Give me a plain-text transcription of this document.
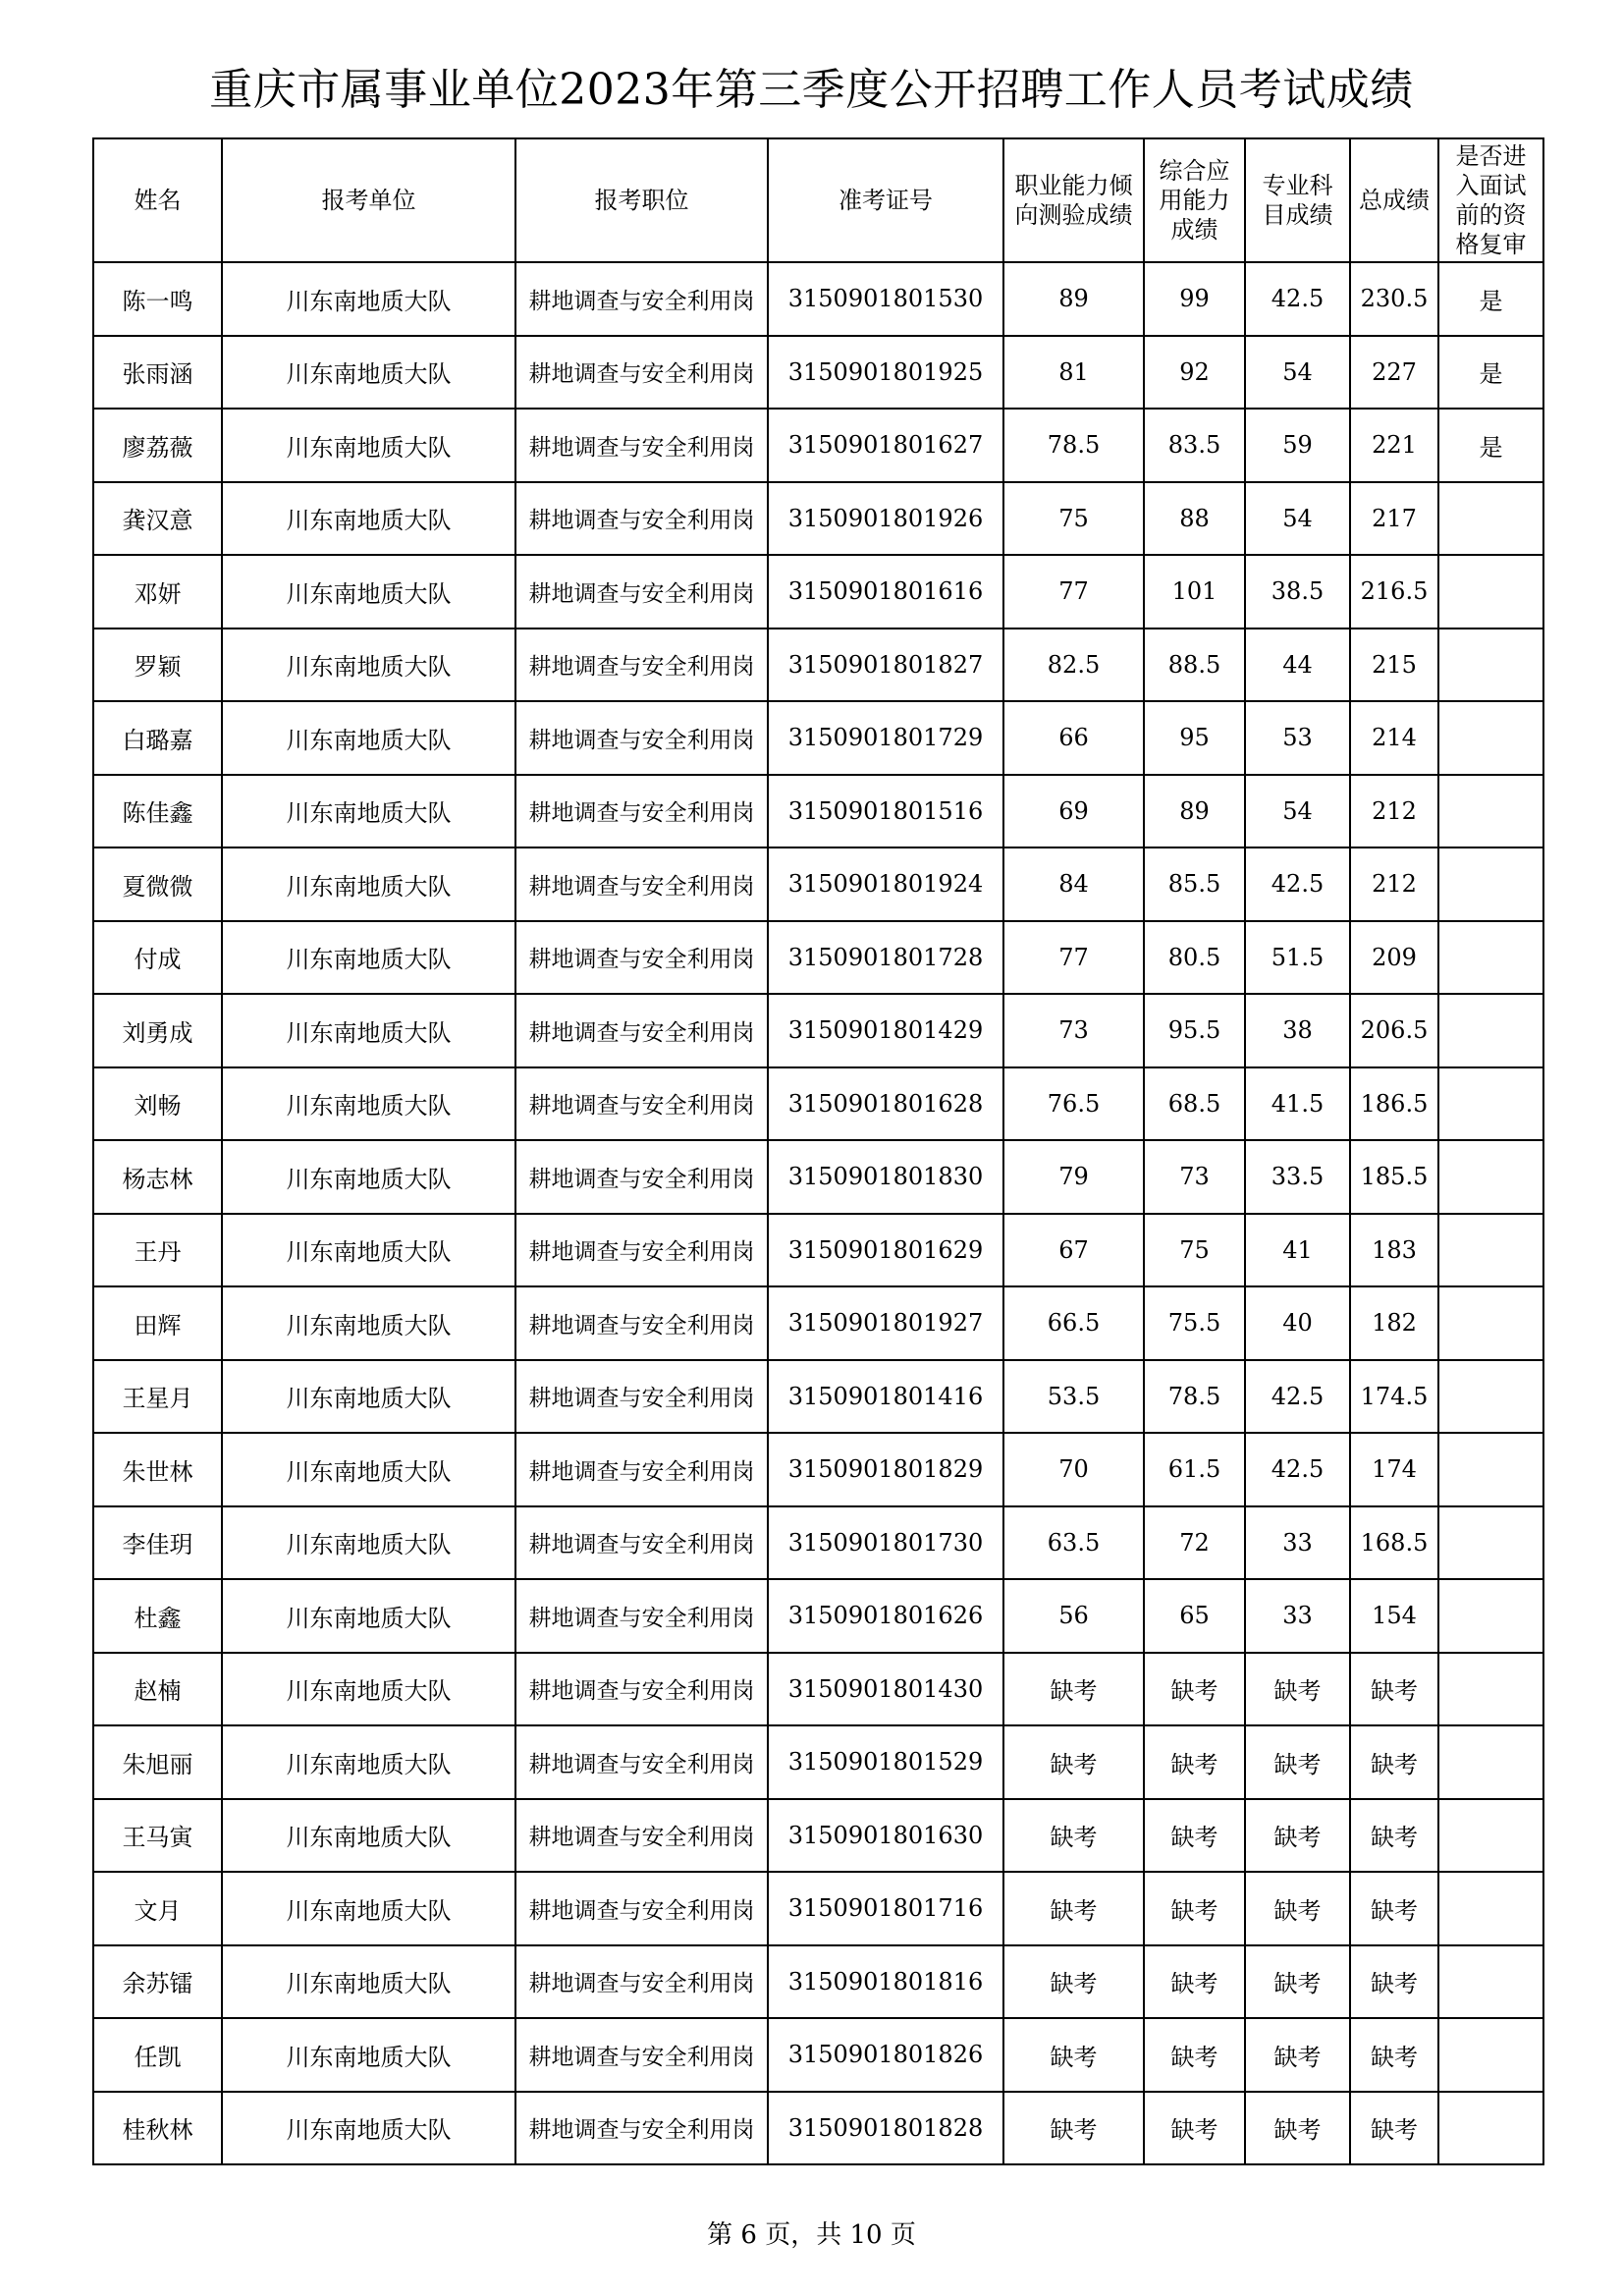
重庆市属事业单位2023年第三季度公开招聘工作人员考试成绩
姓名	报考单位	报考职位	准考证号	职业能力倾向测验成绩	综合应用能力成绩	专业科目成绩	总成绩	是否进入面试前的资格复审
陈一鸣	川东南地质大队	耕地调查与安全利用岗	3150901801530	89	99	42.5	230.5	是
张雨涵	川东南地质大队	耕地调查与安全利用岗	3150901801925	81	92	54	227	是
廖荔薇	川东南地质大队	耕地调查与安全利用岗	3150901801627	78.5	83.5	59	221	是
龚汉意	川东南地质大队	耕地调查与安全利用岗	3150901801926	75	88	54	217	
邓妍	川东南地质大队	耕地调查与安全利用岗	3150901801616	77	101	38.5	216.5	
罗颖	川东南地质大队	耕地调查与安全利用岗	3150901801827	82.5	88.5	44	215	
白璐嘉	川东南地质大队	耕地调查与安全利用岗	3150901801729	66	95	53	214	
陈佳鑫	川东南地质大队	耕地调查与安全利用岗	3150901801516	69	89	54	212	
夏微微	川东南地质大队	耕地调查与安全利用岗	3150901801924	84	85.5	42.5	212	
付成	川东南地质大队	耕地调查与安全利用岗	3150901801728	77	80.5	51.5	209	
刘勇成	川东南地质大队	耕地调查与安全利用岗	3150901801429	73	95.5	38	206.5	
刘畅	川东南地质大队	耕地调查与安全利用岗	3150901801628	76.5	68.5	41.5	186.5	
杨志林	川东南地质大队	耕地调查与安全利用岗	3150901801830	79	73	33.5	185.5	
王丹	川东南地质大队	耕地调查与安全利用岗	3150901801629	67	75	41	183	
田辉	川东南地质大队	耕地调查与安全利用岗	3150901801927	66.5	75.5	40	182	
王星月	川东南地质大队	耕地调查与安全利用岗	3150901801416	53.5	78.5	42.5	174.5	
朱世林	川东南地质大队	耕地调查与安全利用岗	3150901801829	70	61.5	42.5	174	
李佳玥	川东南地质大队	耕地调查与安全利用岗	3150901801730	63.5	72	33	168.5	
杜鑫	川东南地质大队	耕地调查与安全利用岗	3150901801626	56	65	33	154	
赵楠	川东南地质大队	耕地调查与安全利用岗	3150901801430	缺考	缺考	缺考	缺考	
朱旭丽	川东南地质大队	耕地调查与安全利用岗	3150901801529	缺考	缺考	缺考	缺考	
王马寅	川东南地质大队	耕地调查与安全利用岗	3150901801630	缺考	缺考	缺考	缺考	
文月	川东南地质大队	耕地调查与安全利用岗	3150901801716	缺考	缺考	缺考	缺考	
余苏镭	川东南地质大队	耕地调查与安全利用岗	3150901801816	缺考	缺考	缺考	缺考	
任凯	川东南地质大队	耕地调查与安全利用岗	3150901801826	缺考	缺考	缺考	缺考	
桂秋林	川东南地质大队	耕地调查与安全利用岗	3150901801828	缺考	缺考	缺考	缺考	
第 6 页，共 10 页
